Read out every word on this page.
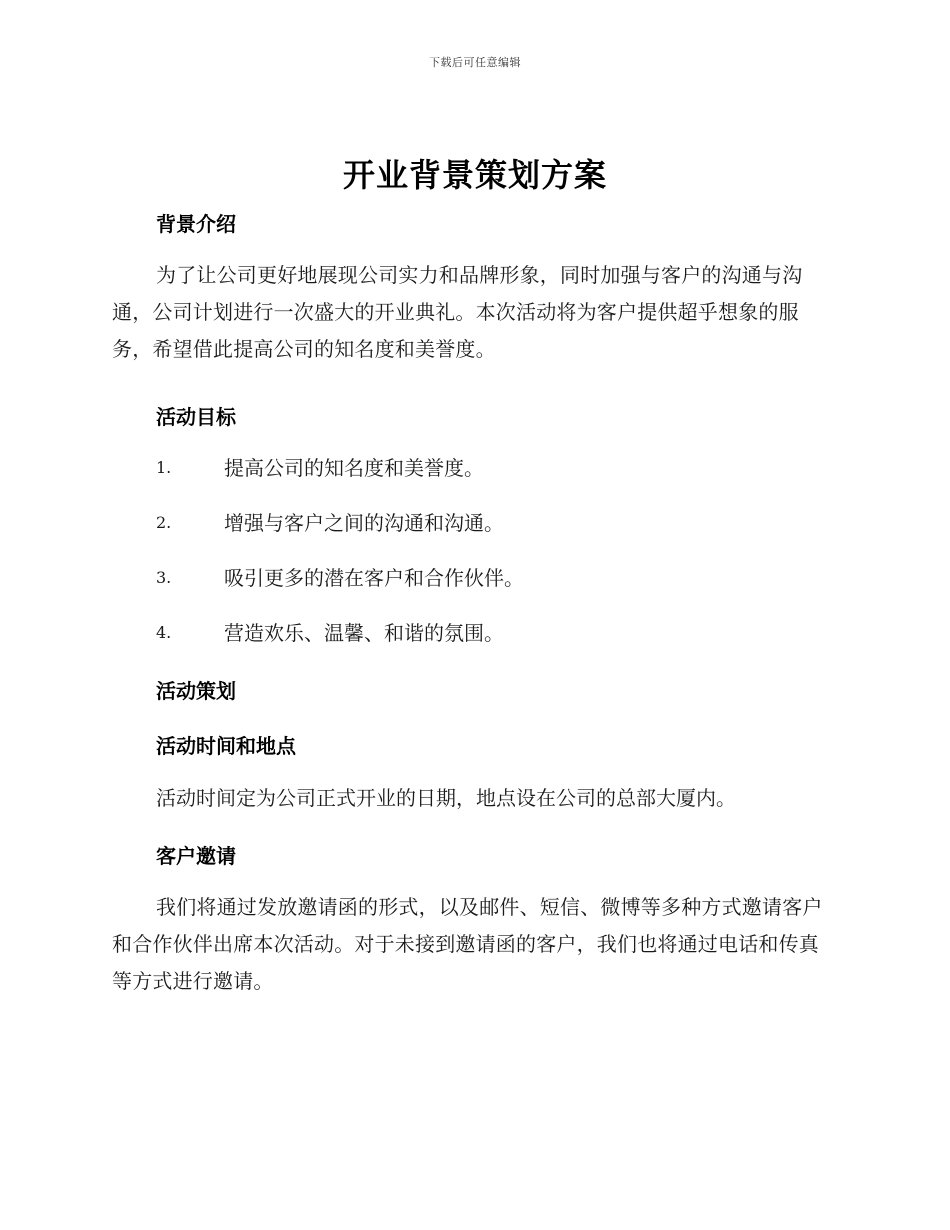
下载后可任意编辑
开业背景策划方案
背景介绍
为了让公司更好地展现公司实力和品牌形象，同时加强与客户的沟通与沟通，公司计划进行一次盛大的开业典礼。本次活动将为客户提供超乎想象的服务，希望借此提高公司的知名度和美誉度。
活动目标
1.	提高公司的知名度和美誉度。
2.	增强与客户之间的沟通和沟通。
3.	吸引更多的潜在客户和合作伙伴。
4.	营造欢乐、温馨、和谐的氛围。
活动策划
活动时间和地点
活动时间定为公司正式开业的日期，地点设在公司的总部大厦内。
客户邀请
我们将通过发放邀请函的形式，以及邮件、短信、微博等多种方式邀请客户和合作伙伴出席本次活动。对于未接到邀请函的客户，我们也将通过电话和传真等方式进行邀请。
